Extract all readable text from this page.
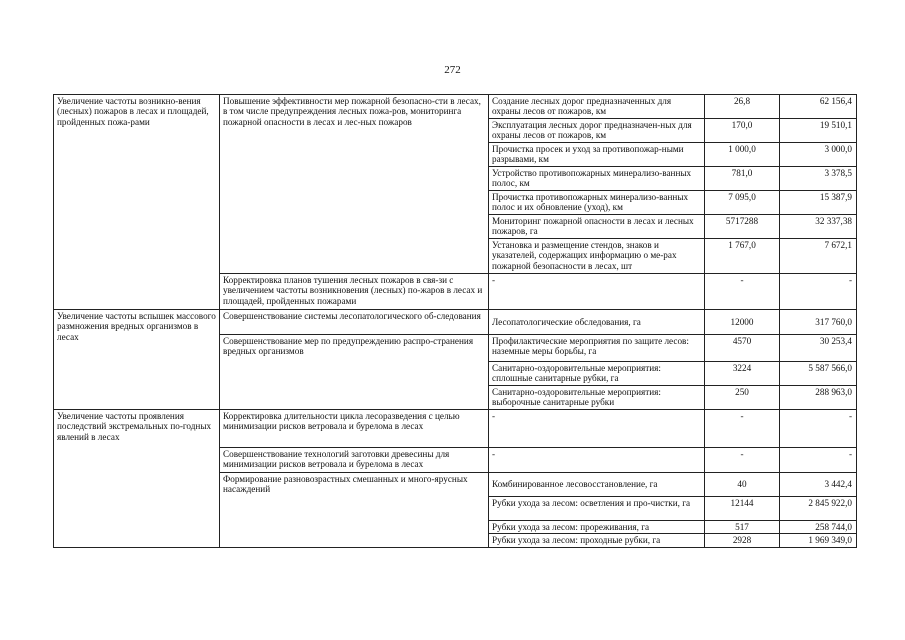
272
Увеличение частоты возникно-вения (лесных) пожаров в лесах и площадей, пройденных пожа-рами	Повышение эффективности мер пожарной безопасно-сти в лесах, в том числе предупреждения лесных пожа-ров, мониторинга пожарной опасности в лесах и лес-ных пожаров	Создание лесных дорог предназначенных для охраны лесов от пожаров, км	26,8	62 156,4
		Эксплуатация лесных дорог предназначен-ных для охраны лесов от пожаров, км	170,0	19 510,1
		Прочистка просек и уход за противопожар-ными разрывами, км	1 000,0	3 000,0
		Устройство противопожарных минерализо-ванных полос, км	781,0	3 378,5
		Прочистка противопожарных минерализо-ванных полос и их обновление (уход), км	7 095,0	15 387,9
		Мониторинг пожарной опасности в лесах и лесных пожаров, га	5717288	32 337,38
		Установка и размещение стендов, знаков и указателей, содержащих информацию о ме-рах пожарной безопасности в лесах, шт	1 767,0	7 672,1
	Корректировка планов тушения лесных пожаров в свя-зи с увеличением частоты возникновения (лесных) по-жаров в лесах и площадей, пройденных пожарами	-	-	-
Увеличение частоты вспышек массового размножения вредных организмов в лесах	Совершенствование системы лесопатологического об-следования	Лесопатологические обследования, га	12000	317 760,0
	Совершенствование мер по предупреждению распро-странения вредных организмов	Профилактические мероприятия по защите лесов: наземные меры борьбы, га	4570	30 253,4
		Санитарно-оздоровительные мероприятия: сплошные санитарные рубки, га	3224	5 587 566,0
		Санитарно-оздоровительные мероприятия: выборочные санитарные рубки	250	288 963,0
Увеличение частоты проявления последствий экстремальных по-годных явлений в лесах	Корректировка длительности цикла лесоразведения с целью минимизации рисков ветровала и бурелома в лесах	-	-	-
	Совершенствование технологий заготовки древесины для минимизации рисков ветровала и бурелома в лесах	-	-	-
	Формирование разновозрастных смешанных и много-ярусных насаждений	Комбинированное лесовосстановление, га	40	3 442,4
		Рубки ухода за лесом: осветления и про-чистки, га	12144	2 845 922,0
		Рубки ухода за лесом: прореживания, га	517	258 744,0
		Рубки ухода за лесом: проходные рубки, га	2928	1 969 349,0
